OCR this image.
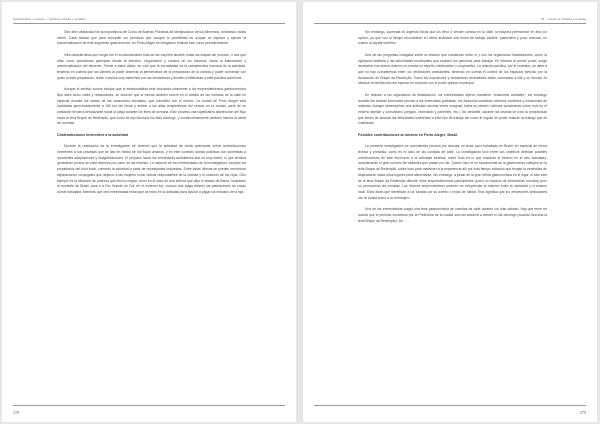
Gastronomía y turismo — Destinos locales y globales

Otro ítem destacado fue la importancia del Curso de Buenas Prácticas de Manipulación de los Alimentos, nombrado varias veces. Cabe aclarar que para conceder los permisos que otorgan la posibilidad de ocupar un espacio y ejercer la comercialización de este segmento gastronómico, en Porto Alegre es obligatorio realizar este curso periódicamente.

Otra característica que surgió fue el involucramiento total de las mujeres durante todas las etapas del proceso, o sea que ellas como operadoras participan desde la elección, negociación y compra de los insumos, hasta la elaboración y comercialización del alimento. Frente a estos datos, se notó que la sociabilidad es la característica esencial de la actividad, teniendo en cuenta que los clientes al poder observar la performance de la preparación de la comida y poder conversar con quien la está preparando, crean vínculos muy estrechos con las vendedoras y fienden a fidelizarse a esta práctica comercial.

Aunque el sentido común indique que la estacionalidad esté vinculada solamente a los emprendimientos gastronómicos fijos tales como cafés y restaurantes, se observó que la misma también ocurre en el ámbito de las comidas de la calle en especial durante los meses de las vacaciones escolares, que coinciden con el verano. La ciudad de Porto Alegre está localizada aproximadamente a 150 km del litoral y debido a las altas temperaturas del verano en la ciudad, parte de su población tiende a desplazarse hacia la playa durante los fines de semana. Este proceso una significativa disminución del flujo hacia la feria Brique da Redenção, que como se dijo funciona los días domingo, y consecuentemente también merma la venta de comidas.

Contradicciones inherentes a la actividad

Durante la realización de la investigación se observó que la actividad de venta ambulante sufría contradicciones inherentes a sus prácticas que se dan en medio de los flujos urbanos, y en este contexto dichas prácticas son sometidas a constantes adaptaciones y resignificaciones. El prejuicio hacia los vendedores ambulantes aún es muy fuerte, lo que termina generando puntos de vista diversos por parte de las mismas. La mayoría de los entrevistados de la investigación, excepto los propietarios del food truck, comentó la actividad a partir de necesidades impuestas. Entre estas últimas se pueden mencionar separaciones conyugales que dejaron a las mujeres como únicas responsables de la crianza y el sustento de los hijos. Otro ejemplo es la situación de pobreza que llevó a migrar, como en el caso de una señora que dejó el estado de Bahía, localizado al nordeste de Brasil, para ir a Río Grande do Sul, en el extremo sur, cuando una plaga diezmó las plantaciones de cacao donde trabajaba. Mientras que otra entrevistada relató que se inició en la actividad para ayudar a pagar los estudios de la hija.

278
18 – Comer la ciudad en la plaza

Sin embargo, superada la urgencia inicial que los llevó a vender comida en la calle, la mayoría permanece en ella por opción, ya que con el tiempo encontraron en dicha actividad una forma de trabajo estable, placentera y poco onerosa, en cuanto al capital invertido.

Una de las preguntas indagaba sobre la relación que mantenían entre sí y con los organismos fiscalizadores, como la vigilancia sanitaria y las autoridades municipales que expiden los permisos para trabajar. En relación al primer punto, surge demostrar una buena relación no exenta un espíritu colaborativo o cooperativo. La relación pacífica, por el contrario, se debe a que no hay competencia entre los vendedores ambulantes, teniendo en cuenta el control de los espacios ejercido por la Asociación de Brique da Redenção. Todos los expositores y vendedores ambulantes están vinculados a ella y su función es efectuar la distribución del espacio en conjunto con el poder público municipal.

En relación a los organismos de fiscalización, los entrevistados dijeron mantener "relaciones cordiales", sin embargo durante las charlas informales previas a las entrevistas grabadas, los discursos indicaban diversos conflictos y situaciones de malestar. Aunque desempeñan una actividad muchas veces marginal, todos se sienten víctimas socialmente sobre todo en el entorno familiar y comunitario (amigos, vecindario y parientes, etc.). No obstante, durante las charlas se notó la receptividad que tienen de abordar las dificultades inherentes a este tipo de trabajo así como el orgullo de poder realizar un trabajo que es hostilizado.

Posibles contribuciones al turismo en Porto Alegre, Brasil

La presente investigación se considerada pionera por abordar un tema poco estudiado en Brasil, en especial de forma teórica y profunda, como es el caso de las comidas de calle. La investigación tuvo entre sus objetivos detectar posibles contribuciones de este fenómeno a la actividad turística, sobre todo en lo que respecta al turismo en el sitio estudiado, considerando el gran número de visitantes que pasan por allí. Quedó claro el rol fundamental de la gastronomía callejera en la feria Brique da Redenção, sobre todo para mantener a la experiencia allí por más tiempo evitando que tengan la necesidad de desplazarse hacia otros lugares para alimentarse. Sin embargo, a pesar de la gran oferta gastronómica en el lugar, el sitio web de la feria Brique da Redenção difunde otros emprendimientos participantes (como un espacio de información turística) pero no promociona las comidas. Los mismos emprendedores parecen no comprender la relación entre su actividad y el turismo local. Ellos dicen que identifican a los turistas por su acento o modo de hablar. Esto significa que los vendedores ambulantes ven al turista como a un extranjero.

Una de las entrevistadas surgió una feria gastronómica de comidas de calle durante los días sábado. Hay que tener en cuenta que el permiso concedido por la Prefectura de la ciudad sólo las autoriza a vender el día domingo (cuando funciona la feria Brique da Redenção). De

279
